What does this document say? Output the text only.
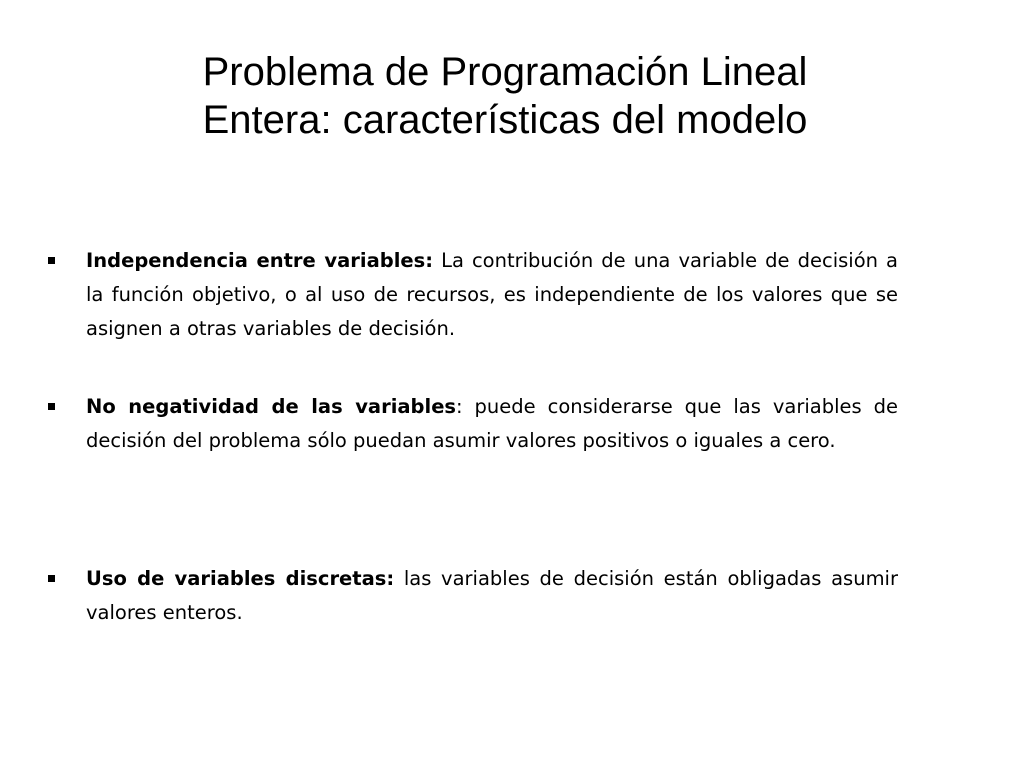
Problema de Programación Lineal
Entera: características del modelo
Independencia entre variables: La contribución de una variable de decisión a la función objetivo, o al uso de recursos, es independiente de los valores que se asignen a otras variables de decisión.
No negatividad de las variables: puede considerarse que las variables de decisión del problema sólo puedan asumir valores positivos o iguales a cero.
Uso de variables discretas: las variables de decisión están obligadas asumir valores enteros.
